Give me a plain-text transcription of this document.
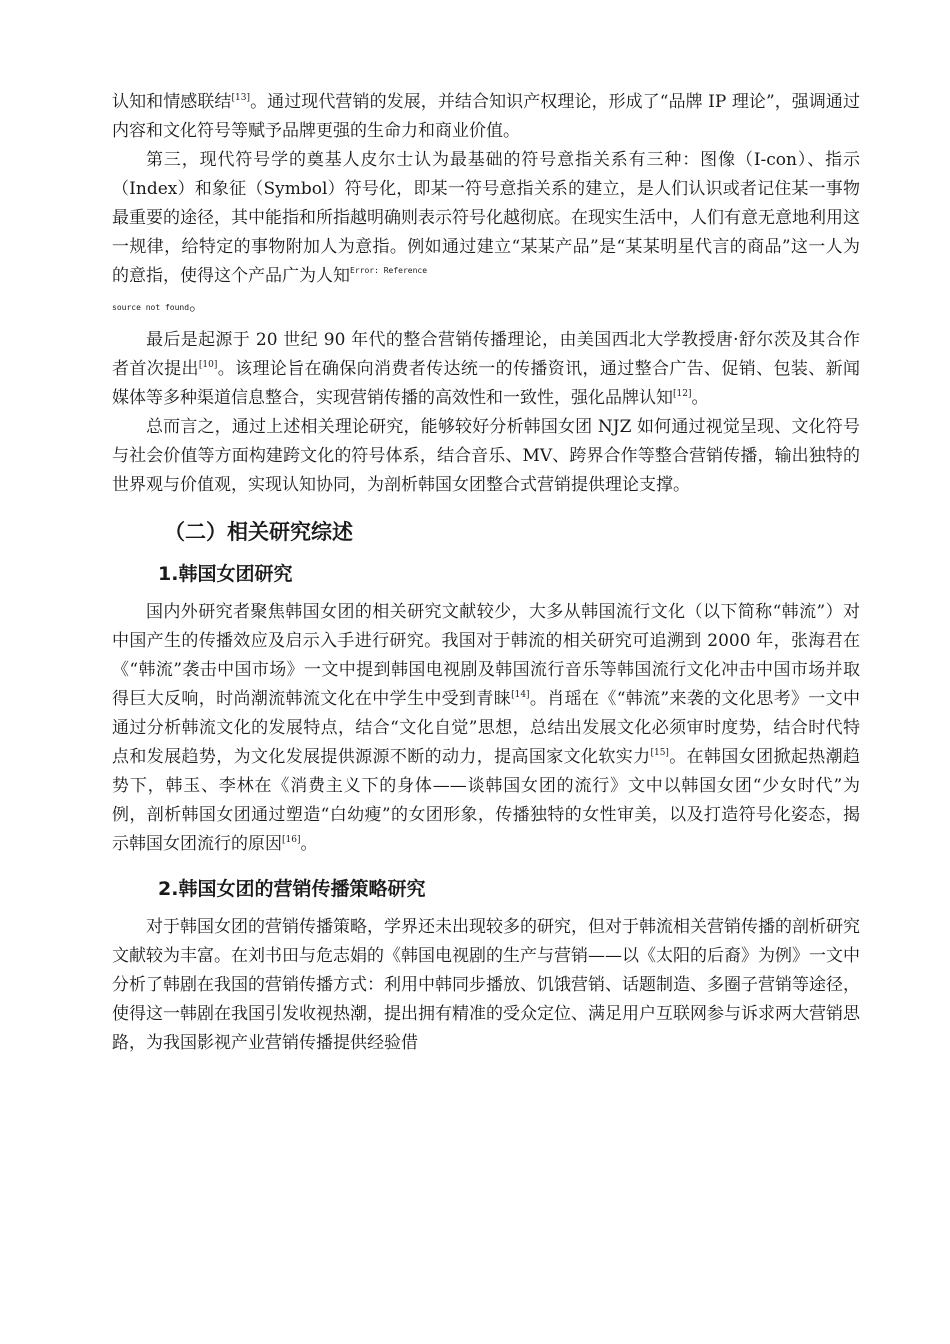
认知和情感联结[13]。通过现代营销的发展，并结合知识产权理论，形成了“品牌 IP 理论”，强调通过内容和文化符号等赋予品牌更强的生命力和商业价值。

第三，现代符号学的奠基人皮尔士认为最基础的符号意指关系有三种：图像（I-con）、指示（Index）和象征（Symbol）符号化，即某一符号意指关系的建立，是人们认识或者记住某一事物最重要的途径，其中能指和所指越明确则表示符号化越彻底。在现实生活中，人们有意无意地利用这一规律，给特定的事物附加人为意指。例如通过建立“某某产品”是“某某明星代言的商品”这一人为的意指，使得这个产品广为人知$^{Error: Reference}$
source not found。

最后是起源于 20 世纪 90 年代的整合营销传播理论，由美国西北大学教授唐·舒尔茨及其合作者首次提出[10]。该理论旨在确保向消费者传达统一的传播资讯，通过整合广告、促销、包装、新闻媒体等多种渠道信息整合，实现营销传播的高效性和一致性，强化品牌认知[12]。

总而言之，通过上述相关理论研究，能够较好分析韩国女团 NJZ 如何通过视觉呈现、文化符号与社会价值等方面构建跨文化的符号体系，结合音乐、MV、跨界合作等整合营销传播，输出独特的世界观与价值观，实现认知协同，为剖析韩国女团整合式营销提供理论支撑。

（二）相关研究综述
1.韩国女团研究

国内外研究者聚焦韩国女团的相关研究文献较少，大多从韩国流行文化（以下简称“韩流”）对中国产生的传播效应及启示入手进行研究。我国对于韩流的相关研究可追溯到 2000 年，张海君在《“韩流”袭击中国市场》一文中提到韩国电视剧及韩国流行音乐等韩国流行文化冲击中国市场并取得巨大反响，时尚潮流韩流文化在中学生中受到青睐[14]。肖瑶在《“韩流”来袭的文化思考》一文中通过分析韩流文化的发展特点，结合“文化自觉”思想，总结出发展文化必须审时度势，结合时代特点和发展趋势，为文化发展提供源源不断的动力，提高国家文化软实力[15]。在韩国女团掀起热潮趋势下，韩玉、李林在《消费主义下的身体——谈韩国女团的流行》文中以韩国女团“少女时代”为例，剖析韩国女团通过塑造“白幼瘦”的女团形象，传播独特的女性审美，以及打造符号化姿态，揭示韩国女团流行的原因[16]。

2.韩国女团的营销传播策略研究

对于韩国女团的营销传播策略，学界还未出现较多的研究，但对于韩流相关营销传播的剖析研究文献较为丰富。在刘书田与危志娟的《韩国电视剧的生产与营销——以《太阳的后裔》为例》一文中分析了韩剧在我国的营销传播方式：利用中韩同步播放、饥饿营销、话题制造、多圈子营销等途径，使得这一韩剧在我国引发收视热潮，提出拥有精准的受众定位、满足用户互联网参与诉求两大营销思路，为我国影视产业营销传播提供经验借
